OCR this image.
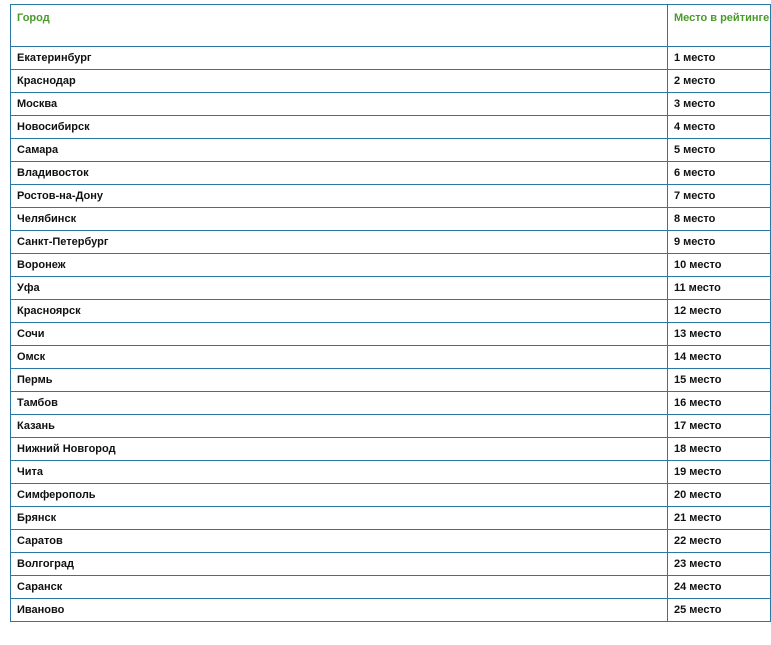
Город	Место в рейтинге
Екатеринбург	1 место
Краснодар	2 место
Москва	3 место
Новосибирск	4 место
Самара	5 место
Владивосток	6 место
Ростов-на-Дону	7 место
Челябинск	8 место
Санкт-Петербург	9 место
Воронеж	10 место
Уфа	11 место
Красноярск	12 место
Сочи	13 место
Омск	14 место
Пермь	15 место
Тамбов	16 место
Казань	17 место
Нижний Новгород	18 место
Чита	19 место
Симферополь	20 место
Брянск	21 место
Саратов	22 место
Волгоград	23 место
Саранск	24 место
Иваново	25 место
